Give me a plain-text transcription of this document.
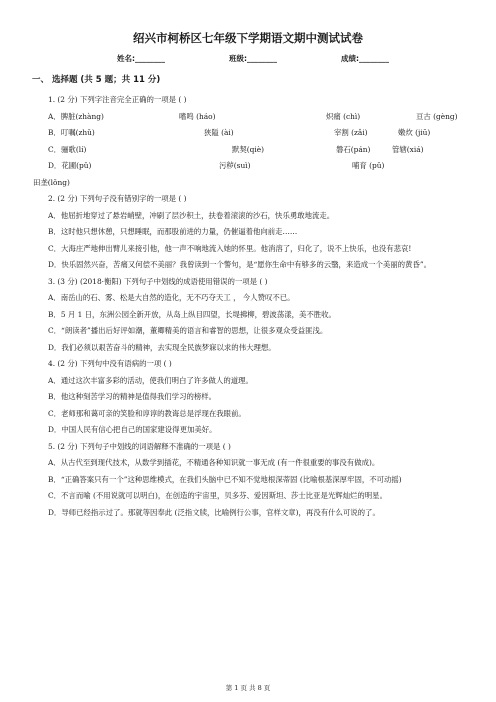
绍兴市柯桥区七年级下学期语文期中测试试卷
姓名:________	班级:________	成绩:________
一、 选择题 (共 5 题；共 11 分)

1. (2 分) 下列字注音完全正确的一项是 ( )

A．脾脏(zhàng)	嗜鸣 (háo)	炽痛 (chì)	亘古 (gèng)
B．叮嘱(zhǔ)	狭隘 (ài)	宰割 (zǎi)	嫩炊 (jiū)
C．骊歌(lí)	默契(qiè)	磐石(pán)	管辖(xiá)
D．花圃(pǔ)	污秽(suì)	哺育 (pǔ)
田垄(lǒng)

2. (2 分) 下列句子没有错别字的一项是 ( )

A．他屈折地穿过了悬岩峭壁，冲刷了层沙积土，扶卷着滚滚的沙石，快乐勇敢地流走。

B．这时他只想休憩，只想睡眠，而那股前进的力量，仍催逼着他向前走……

C．大海庄严地伸出臂儿来接引他，他一声不响地流入她的怀里。他消溶了，归化了，说不上快乐，也没有悲哀!

D．快乐固然兴奋，苦痛又何偿不美丽？我曾读到一个警句，是“愿你生命中有够多的云翳，来造成一个美丽的黄昏”。

3. (3 分) (2018·衡阳) 下列句子中划线的成语使用错误的一项是 ( )

A．南岳山的石、雾、松是大自然的造化，无不巧夺天工 ， 今人赞叹不已。

B．5 月 1 日，东洲公园全新开放，从岛上纵目四望，长堤拂柳，碧波荡漾，美不胜收。

C．“朗读者”播出后好评如潮，董卿精美的语言和睿智的思想，让很多观众受益匪浅。

D．我们必须以艰苦奋斗的精神，去实现全民族梦寐以求的伟大理想。

4. (2 分) 下列句中没有语病的一项 ( )

A．通过这次丰富多彩的活动，使我们明白了许多做人的道理。

B．他这种刻苦学习的精神是值得我们学习的榜样。

C．老师那和蔼可亲的笑脸和谆谆的教诲总是浮现在我眼前。

D．中国人民有信心把自己的国家建设得更加美好。

5. (2 分) 下列句子中划线的词语解释不准确的一项是 ( )

A．从古代至到现代技术，从数学到插花，不精通各种知识就一事无成 (有一件很重要的事没有做成)。

B．“正确答案只有一个”这种思维模式，在我们头脑中已不知不觉地根深蒂固 (比喻根基深厚牢固，不可动摇)

C．不言而喻 (不用说就可以明白)，在创造的宇宙里，贝多芬、爱因斯坦、莎士比亚是光辉灿烂的明星。

D．导师已经指示过了。那就等因奉此 (泛指文牍，比喻例行公事，官样文章)，再没有什么可说的了。

第 1 页 共 8 页
